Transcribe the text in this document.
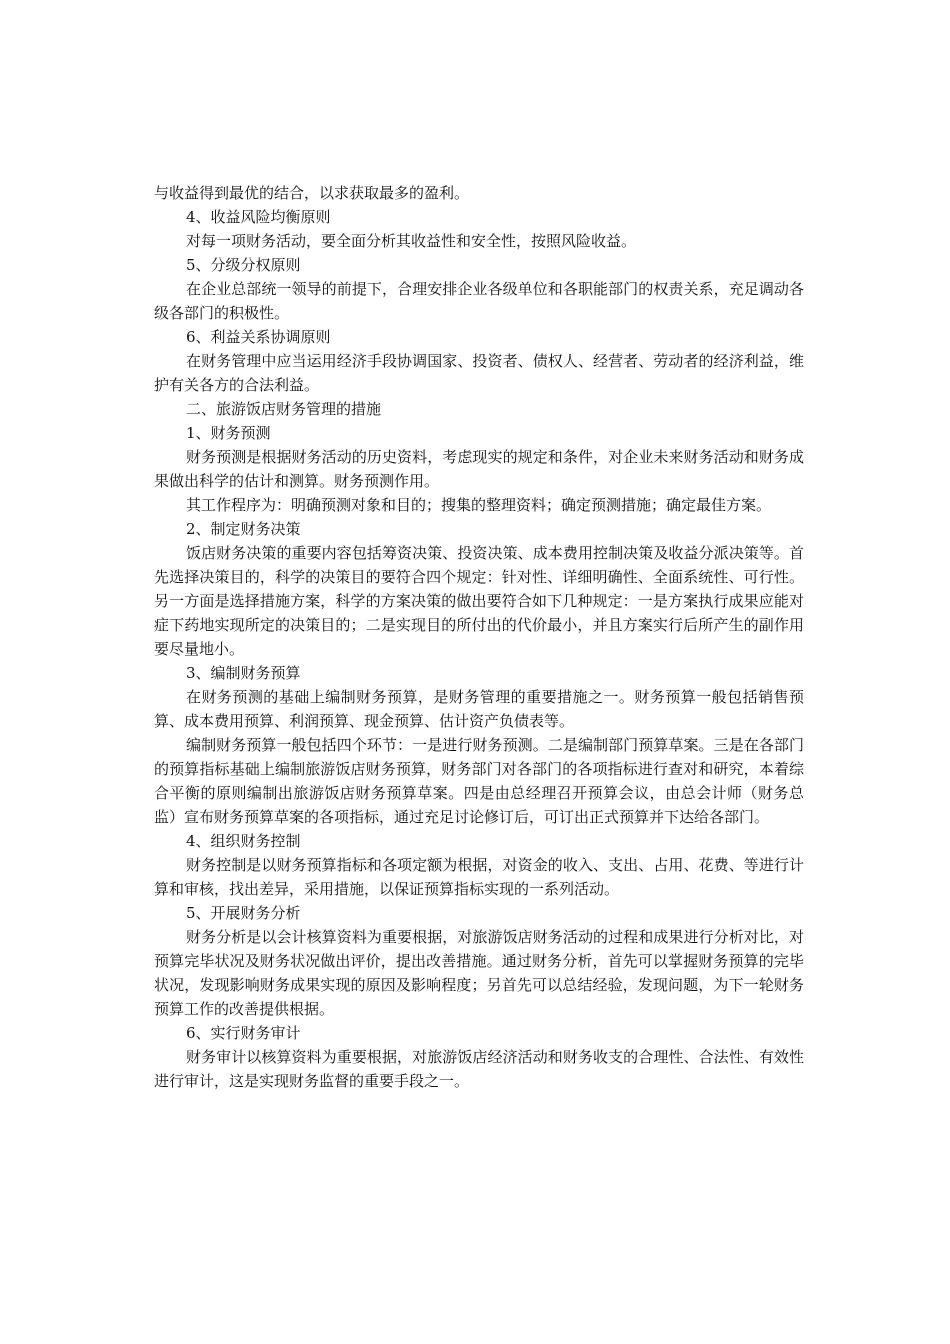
与收益得到最优的结合，以求获取最多的盈利。

4、收益风险均衡原则

对每一项财务活动，要全面分析其收益性和安全性，按照风险收益。

5、分级分权原则

在企业总部统一领导的前提下，合理安排企业各级单位和各职能部门的权责关系，充足调动各级各部门的积极性。

6、利益关系协调原则

在财务管理中应当运用经济手段协调国家、投资者、债权人、经营者、劳动者的经济利益，维护有关各方的合法利益。

二、旅游饭店财务管理的措施

1、财务预测

财务预测是根据财务活动的历史资料，考虑现实的规定和条件，对企业未来财务活动和财务成果做出科学的估计和测算。财务预测作用。

其工作程序为：明确预测对象和目的；搜集的整理资料；确定预测措施；确定最佳方案。

2、制定财务决策

饭店财务决策的重要内容包括筹资决策、投资决策、成本费用控制决策及收益分派决策等。首先选择决策目的，科学的决策目的要符合四个规定：针对性、详细明确性、全面系统性、可行性。另一方面是选择措施方案，科学的方案决策的做出要符合如下几种规定：一是方案执行成果应能对症下药地实现所定的决策目的；二是实现目的所付出的代价最小，并且方案实行后所产生的副作用要尽量地小。

3、编制财务预算

在财务预测的基础上编制财务预算，是财务管理的重要措施之一。财务预算一般包括销售预算、成本费用预算、利润预算、现金预算、估计资产负债表等。

编制财务预算一般包括四个环节：一是进行财务预测。二是编制部门预算草案。三是在各部门的预算指标基础上编制旅游饭店财务预算，财务部门对各部门的各项指标进行查对和研究，本着综合平衡的原则编制出旅游饭店财务预算草案。四是由总经理召开预算会议，由总会计师（财务总监）宣布财务预算草案的各项指标，通过充足讨论修订后，可订出正式预算并下达给各部门。

4、组织财务控制

财务控制是以财务预算指标和各项定额为根据，对资金的收入、支出、占用、花费、等进行计算和审核，找出差异，采用措施，以保证预算指标实现的一系列活动。

5、开展财务分析

财务分析是以会计核算资料为重要根据，对旅游饭店财务活动的过程和成果进行分析对比，对预算完毕状况及财务状况做出评价，提出改善措施。通过财务分析，首先可以掌握财务预算的完毕状况，发现影响财务成果实现的原因及影响程度；另首先可以总结经验，发现问题，为下一轮财务预算工作的改善提供根据。

6、实行财务审计

财务审计以核算资料为重要根据，对旅游饭店经济活动和财务收支的合理性、合法性、有效性进行审计，这是实现财务监督的重要手段之一。
